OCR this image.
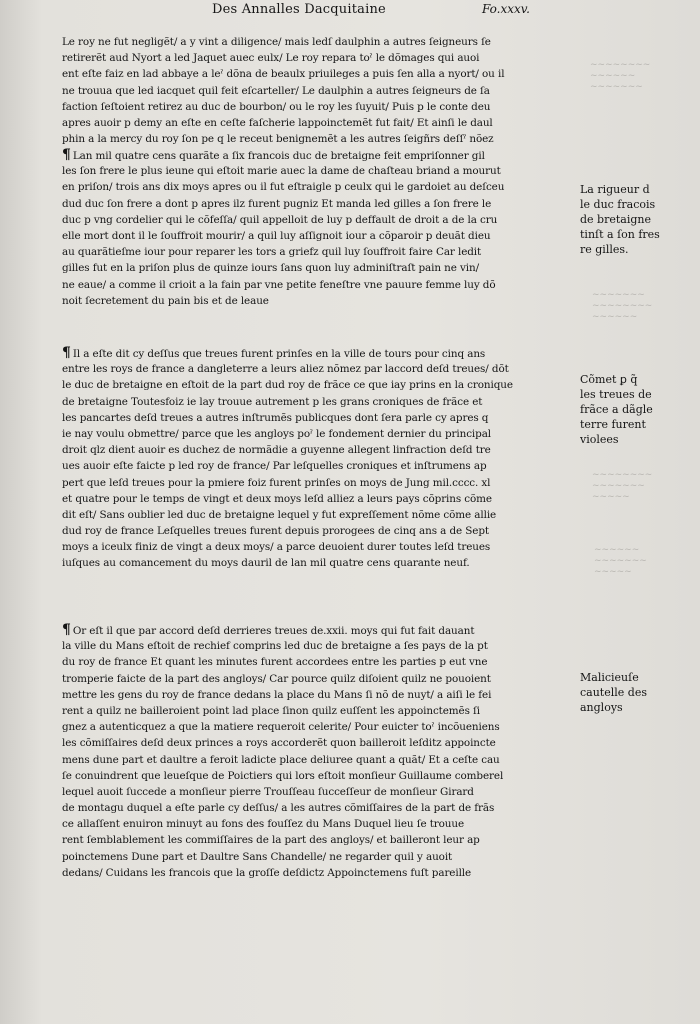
~~~~~~~~
~~~~~~
~~~~~~~
~~~~~~~
~~~~~~~~
~~~~~~
~~~~~~~~
~~~~~~~
~~~~~
~~~~~~
~~~~~~~
~~~~~
Des Annalles Dacquitaine	Fo.xxxv.
Le roy ne fut negligẽt/ a y vint a diligence/ mais ledſ daulphin a autres ſeigneurs ſe
retirerẽt aud Nyort a led Jaquet auec eulx/ Le roy repara toˀ le dõmages qui auoi
ent eſte faiz en lad abbaye a leˀ dõna de beaulx priuileges a puis ſen alla a nyort/ ou il
ne trouua que led iacquet quil feit eſcarteller/ Le daulphin a autres ſeigneurs de ſa
faction ſeſtoient retirez au duc de bourbon/ ou le roy les ſuyuit/ Puis p le conte deu
apres auoir p demy an eſte en ceſte faſcherie lappoinctemẽt fut fait/ Et ainſi le daul
phin a la mercy du roy ſon pe q le receut benignemẽt a les autres ſeigñrs deſſˀ nõez
¶ Lan mil quatre cens quarãte a ſix francois duc de bretaigne feit empriſonner gil
les ſon frere le plus ieune qui eſtoit marie auec la dame de chaſteau briand a mourut
en priſon/ trois ans dix moys apres ou il fut eſtraigle p ceulx qui le gardoiet au deſceu
dud duc ſon frere a dont p apres ilz furent pugniz Et manda led gilles a ſon frere le
duc p vng cordelier qui le cõfeſſa/ quil appelloit de luy p deffault de droit a de la cru
elle mort dont il le ſouffroit mourir/ a quil luy aſſignoit iour a cõparoir p deuãt dieu
au quarãtieſme iour pour reparer les tors a griefz quil luy ſouffroit faire Car ledit
gilles fut en la priſon plus de quinze iours ſans quon luy adminiſtraſt pain ne vin/
ne eaue/ a comme il crioit a la fain par vne petite feneſtre vne pauure femme luy dõ
noit ſecretement du pain bis et de leaue
¶ Il a eſte dit cy deſſus que treues furent prinſes en la ville de tours pour cinq ans
entre les roys de france a dangleterre a leurs aliez nõmez par laccord deſd treues/ dõt
le duc de bretaigne en eſtoit de la part dud roy de frãce ce que iay prins en la cronique
de bretaigne Toutesfoiz ie lay trouue autrement p les grans croniques de frãce et
les pancartes deſd treues a autres inſtrumẽs publicques dont ſera parle cy apres q
ie nay voulu obmettre/ parce que les angloys poˀ le fondement dernier du principal
droit qlz dient auoir es duchez de normãdie a guyenne allegent linfraction deſd tre
ues auoir eſte faicte p led roy de france/ Par leſquelles croniques et inſtrumens ap
pert que leſd treues pour la pmiere foiz furent prinſes on moys de Jung mil.cccc. xl
et quatre pour le temps de vingt et deux moys leſd alliez a leurs pays cõprins cõme
dit eſt/ Sans oublier led duc de bretaigne lequel y fut expreſſement nõme cõme allie
dud roy de france Leſquelles treues furent depuis prorogees de cinq ans a de Sept
moys a iceulx finiz de vingt a deux moys/ a parce deuoient durer toutes leſd treues
iuſques au comancement du moys dauril de lan mil quatre cens quarante neuf.
¶ Or eſt il que par accord deſd derrieres treues de.xxii. moys qui fut fait dauant
la ville du Mans eſtoit de rechief comprins led duc de bretaigne a ſes pays de la pt
du roy de france Et quant les minutes furent accordees entre les parties p eut vne
tromperie faicte de la part des angloys/ Car pource quilz diſoient quilz ne pouoient
mettre les gens du roy de france dedans la place du Mans ſi nõ de nuyt/ a aiſi le fei
rent a quilz ne bailleroient point lad place ſinon quilz euſſent les appoinctemẽs ſi
gnez a autenticquez a que la matiere requeroit celerite/ Pour euicter toˀ incõueniens
les cõmiſſaires deſd deux princes a roys accorderẽt quon bailleroit leſditz appoincte
mens dune part et daultre a feroit ladicte place deliuree quant a quãt/ Et a ceſte cau
ſe conuindrent que leueſque de Poictiers qui lors eſtoit monſieur Guillaume comberel
lequel auoit ſuccede a monſieur pierre Trouſſeau ſucceſſeur de monſieur Girard
de montagu duquel a eſte parle cy deſſus/ a les autres cõmiſſaires de la part de frãs
ce allaſſent enuiron minuyt au fons des fouſſez du Mans Duquel lieu ſe trouue
rent ſemblablement les commiſſaires de la part des angloys/ et bailleront leur ap
poinctemens Dune part et Daultre Sans Chandelle/ ne regarder quil y auoit
dedans/ Cuidans les francois que la groſſe deſdictz Appoinctemens fuſt pareille
La rigueur d
le duc fracois
de bretaigne
tinſt a ſon fres
re gilles.
Cõmet ꝑ q̃
les treues de
frãce a dãgle
terre furent
violees
Malicieuſe
cautelle des
angloys
